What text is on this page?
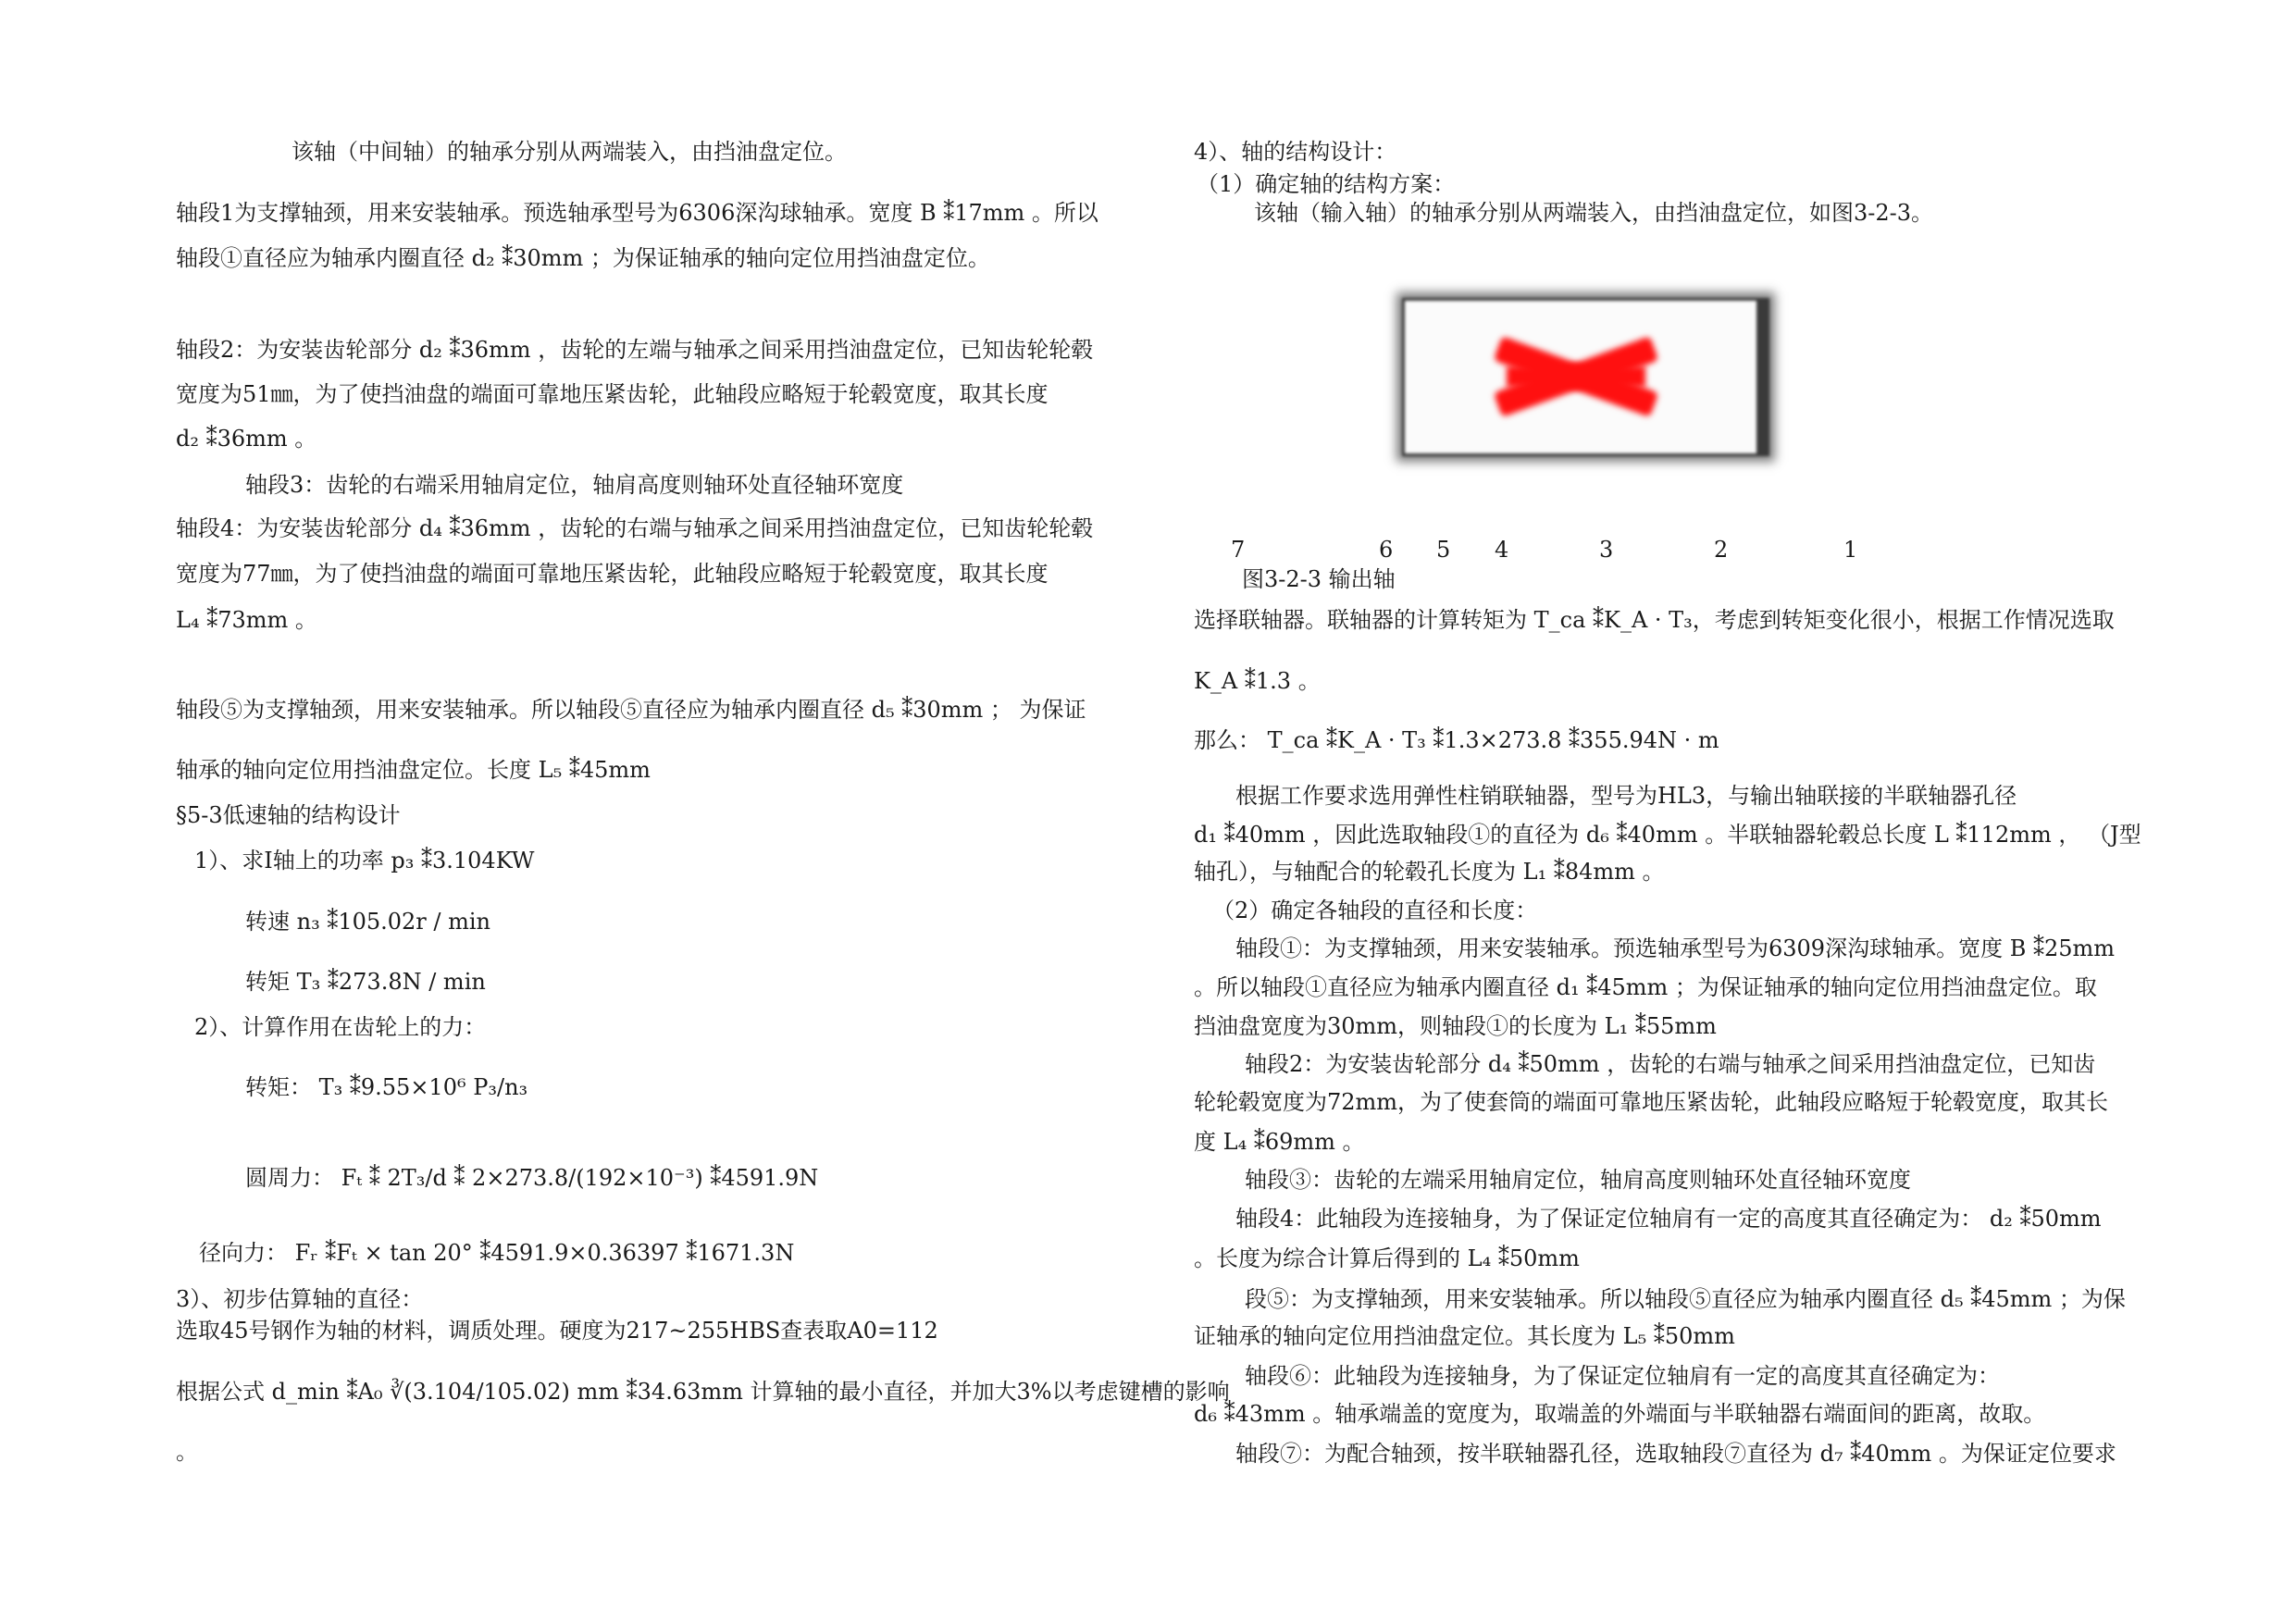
该轴（中间轴）的轴承分别从两端装入，由挡油盘定位。
轴段1为支撑轴颈，用来安装轴承。预选轴承型号为6306深沟球轴承。宽度 B ⁑17mm 。所以
轴段①直径应为轴承内圈直径 d₂ ⁑30mm ；为保证轴承的轴向定位用挡油盘定位。
轴段2：为安装齿轮部分 d₂ ⁑36mm ，齿轮的左端与轴承之间采用挡油盘定位，已知齿轮轮毂
宽度为51㎜，为了使挡油盘的端面可靠地压紧齿轮，此轴段应略短于轮毂宽度，取其长度
d₂ ⁑36mm 。
轴段3：齿轮的右端采用轴肩定位，轴肩高度则轴环处直径轴环宽度
轴段4：为安装齿轮部分 d₄ ⁑36mm ，齿轮的右端与轴承之间采用挡油盘定位，已知齿轮轮毂
宽度为77㎜，为了使挡油盘的端面可靠地压紧齿轮，此轴段应略短于轮毂宽度，取其长度
L₄ ⁑73mm 。
轴段⑤为支撑轴颈，用来安装轴承。所以轴段⑤直径应为轴承内圈直径 d₅ ⁑30mm ； 为保证
轴承的轴向定位用挡油盘定位。长度 L₅ ⁑45mm
§5-3低速轴的结构设计
1）、求Ⅰ轴上的功率 p₃ ⁑3.104KW
转速 n₃ ⁑105.02r / min
转矩 T₃ ⁑273.8N / min
2）、计算作用在齿轮上的力：
转矩： T₃ ⁑9.55×10⁶ P₃/n₃
圆周力： Fₜ ⁑ 2T₃/d ⁑ 2×273.8/(192×10⁻³) ⁑4591.9N
径向力： Fᵣ ⁑Fₜ × tan 20° ⁑4591.9×0.36397 ⁑1671.3N
3）、初步估算轴的直径：
选取45号钢作为轴的材料，调质处理。硬度为217~255HBS查表取A0=112
根据公式 d_min ⁑A₀ ∛(3.104/105.02) mm ⁑34.63mm 计算轴的最小直径，并加大3%以考虑键槽的影响
。
4）、轴的结构设计：
（1）确定轴的结构方案：
该轴（输入轴）的轴承分别从两端装入，由挡油盘定位，如图3-2-3。
7	6 5 4	3	2	1
图3-2-3 输出轴
选择联轴器。联轴器的计算转矩为 T_ca ⁑K_A · T₃，考虑到转矩变化很小，根据工作情况选取
K_A ⁑1.3 。
那么： T_ca ⁑K_A · T₃ ⁑1.3×273.8 ⁑355.94N · m
根据工作要求选用弹性柱销联轴器，型号为HL3，与输出轴联接的半联轴器孔径
d₁ ⁑40mm ，因此选取轴段①的直径为 d₆ ⁑40mm 。半联轴器轮毂总长度 L ⁑112mm ， （J型
轴孔），与轴配合的轮毂孔长度为 L₁ ⁑84mm 。
（2）确定各轴段的直径和长度：
轴段①：为支撑轴颈，用来安装轴承。预选轴承型号为6309深沟球轴承。宽度 B ⁑25mm
。所以轴段①直径应为轴承内圈直径 d₁ ⁑45mm ；为保证轴承的轴向定位用挡油盘定位。取
挡油盘宽度为30mm，则轴段①的长度为 L₁ ⁑55mm
轴段2：为安装齿轮部分 d₄ ⁑50mm ，齿轮的右端与轴承之间采用挡油盘定位，已知齿
轮轮毂宽度为72mm，为了使套筒的端面可靠地压紧齿轮，此轴段应略短于轮毂宽度，取其长
度 L₄ ⁑69mm 。
轴段③：齿轮的左端采用轴肩定位，轴肩高度则轴环处直径轴环宽度
轴段4：此轴段为连接轴身，为了保证定位轴肩有一定的高度其直径确定为： d₂ ⁑50mm
。长度为综合计算后得到的 L₄ ⁑50mm
段⑤：为支撑轴颈，用来安装轴承。所以轴段⑤直径应为轴承内圈直径 d₅ ⁑45mm ；为保
证轴承的轴向定位用挡油盘定位。其长度为 L₅ ⁑50mm
轴段⑥：此轴段为连接轴身，为了保证定位轴肩有一定的高度其直径确定为：
d₆ ⁑43mm 。轴承端盖的宽度为，取端盖的外端面与半联轴器右端面间的距离，故取。
轴段⑦：为配合轴颈，按半联轴器孔径，选取轴段⑦直径为 d₇ ⁑40mm 。为保证定位要求
